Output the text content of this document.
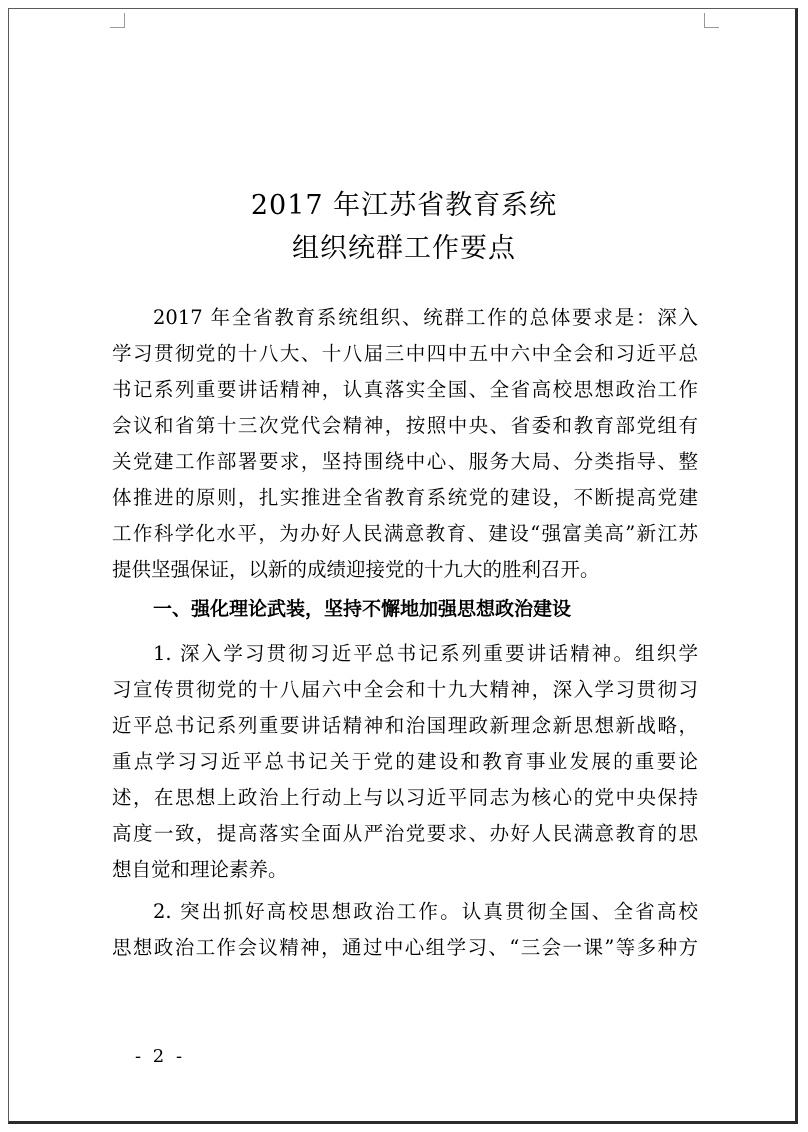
2017 年江苏省教育系统
组织统群工作要点
2017 年全省教育系统组织、统群工作的总体要求是：深入
学习贯彻党的十八大、十八届三中四中五中六中全会和习近平总
书记系列重要讲话精神，认真落实全国、全省高校思想政治工作
会议和省第十三次党代会精神，按照中央、省委和教育部党组有
关党建工作部署要求，坚持围绕中心、服务大局、分类指导、整
体推进的原则，扎实推进全省教育系统党的建设，不断提高党建
工作科学化水平，为办好人民满意教育、建设“强富美高”新江苏
提供坚强保证，以新的成绩迎接党的十九大的胜利召开。
一、强化理论武装，坚持不懈地加强思想政治建设
1. 深入学习贯彻习近平总书记系列重要讲话精神。组织学
习宣传贯彻党的十八届六中全会和十九大精神，深入学习贯彻习
近平总书记系列重要讲话精神和治国理政新理念新思想新战略，
重点学习习近平总书记关于党的建设和教育事业发展的重要论
述，在思想上政治上行动上与以习近平同志为核心的党中央保持
高度一致，提高落实全面从严治党要求、办好人民满意教育的思
想自觉和理论素养。
2. 突出抓好高校思想政治工作。认真贯彻全国、全省高校
思想政治工作会议精神，通过中心组学习、“三会一课”等多种方
- 2 -
